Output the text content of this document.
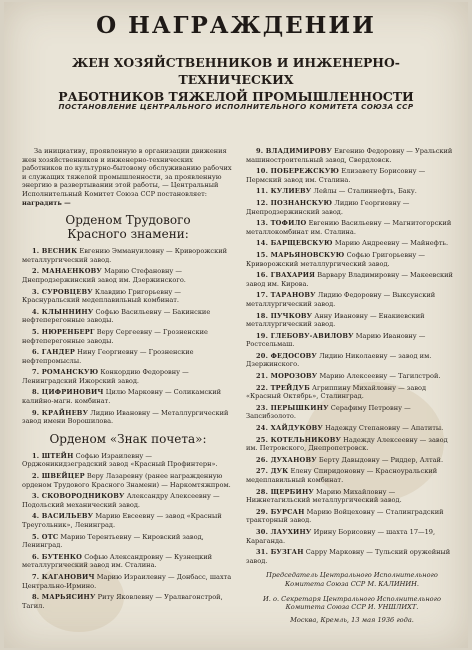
О НАГРАЖДЕНИИ
ЖЕН ХОЗЯЙСТВЕННИКОВ И ИНЖЕНЕРНО-ТЕХНИЧЕСКИХ
РАБОТНИКОВ ТЯЖЕЛОЙ ПРОМЫШЛЕННОСТИ
ПОСТАНОВЛЕНИЕ ЦЕНТРАЛЬНОГО ИСПОЛНИТЕЛЬНОГО КОМИТЕТА СОЮЗА ССР

За инициативу, проявленную в организации движения жен хозяйственников и инженерно-технических работников по культурно-бытовому обслуживанию рабочих и служащих тяжелой промышленности, за проявленную энергию в развертывании этой работы, — Центральный Исполнительный Комитет Союза ССР постановляет: наградить —

Орденом Трудового
Красного знамени:

1. ВЕСНИК Евгению Эммануиловну — Криворожский металлургический завод.

2. МАНАЕНКОВУ Марию Стефановну — Днепродзержинский завод им. Дзержинского.

3. СУРОВЦЕВУ Клавдию Григорьевну — Краснуральский медеплавильный комбинат.

4. КЛЫННИНУ Софью Васильевну — Бакинские нефтеперегонные заводы.

5. НЮРЕНБЕРГ Веру Сергеевну — Грозненские нефтеперегонные заводы.

6. ГАНДЕР Нину Георгиевну — Грозненские нефтепромыслы.

7. РОМАНСКУЮ Конкордию Федоровну — Ленинградский Ижорский завод.

8. ЦИФРИНОВИЧ Цилю Марковну — Соликамский калийно-магн. комбинат.

9. КРАЙНЕВУ Лидию Ивановну — Металлургический завод имени Ворошилова.

Орденом «Знак почета»:

1. ШТЕЙН Софью Израилевну — Орджоникидзеградский завод «Красный Профинтерн».

2. ШВЕЙЦЕР Веру Лазаревну (ранее награжденную орденом Трудового Красного Знамени) — Наркомтяжпром.

3. СКОВОРОДНИКОВУ Александру Алексеевну — Подольский механический завод.

4. ВАСИЛЬЕВУ Марию Евсеевну — завод «Красный Треугольник», Ленинград.

5. ОТС Марию Терентьевну — Кировский завод, Ленинград.

6. БУТЕНКО Софью Александровну — Кузнецкий металлургический завод им. Сталина.

7. КАГАНОВИЧ Марию Израилевну — Донбасс, шахта Центрально-Ирмино.

8. МАРЬЯСИНУ Риту Яковлевну — Уралвагонстрой, Тагил.

9. ВЛАДИМИРОВУ Евгению Федоровну — Уральский машиностроительный завод, Свердловск.

10. ПОБЕРЕЖСКУЮ Елизавету Борисовну — Пермский завод им. Сталина.

11. КУЛИЕВУ Лейлы — Сталиннефть, Баку.

12. ПОЗНАНСКУЮ Лидию Георгиевну — Днепродзержинский завод.

13. ТОФИЛО Евгению Васильевну — Магнитогорский металлокомбинат им. Сталина.

14. БАРЩЕВСКУЮ Марию Андреевну — Майнефть.

15. МАРЬЯНОВСКУЮ Софью Григорьевну — Криворожский металлургический завод.

16. ГВАХАРИЯ Варвару Владимировну — Макеевский завод им. Кирова.

17. ТАРАНОВУ Лидию Федоровну — Выксунский металлургический завод.

18. ПУЧКОВУ Анну Ивановну — Енакиевский металлургический завод.

19. ГЛЕБОВУ-АВИЛОВУ Марию Ивановну — Ростсельмаш.

20. ФЕДОСОВУ Лидию Николаевну — завод им. Дзержинского.

21. МОРОЗОВУ Марию Алексеевну — Тагилстрой.

22. ТРЕЙДУБ Агриппину Михайловну — завод «Красный Октябрь», Сталинград.

23. ПЕРЫШКИНУ Серафиму Петровну — Запсибзолото.

24. ХАЙДУКОВУ Надежду Степановну — Апатиты.

25. КОТЕЛЬНИКОВУ Надежду Алексеевну — завод им. Петровского, Днепропетровск.

26. ДУХАНОВУ Берту Давыдовну — Риддер, Алтай.

27. ДУК Елену Спиридоновну — Красноуральский медеплавильный комбинат.

28. ЩЕРБИНУ Марию Михайловну — Нижнетагильский металлургический завод.

29. БУРСАН Марию Войцеховну — Сталинградский тракторный завод.

30. ЛАУХИНУ Ирину Борисовну — шахта 17—19, Караганда.

31. БУЗГАН Сарру Марковну — Тульский оружейный завод.

Председатель Центрального Исполнительного Комитета Союза ССР М. КАЛИНИН.

И. о. Секретаря Центрального Исполнительного Комитета Союза ССР И. УНШЛИХТ.

Москва, Кремль, 13 мая 1936 года.
